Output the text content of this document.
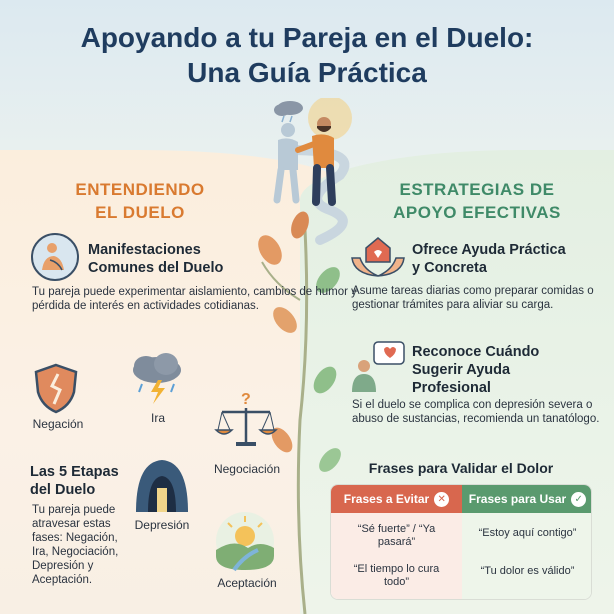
Apoyando a tu Pareja en el Duelo:
Una Guía Práctica
ENTENDIENDO
EL DUELO
Manifestaciones
Comunes del Duelo
Tu pareja puede experimentar aislamiento, cambios de humor y pérdida de interés en actividades cotidianas.
Negación	Ira
?
Negociación
Las 5 Etapas
del Duelo
Tu pareja puede atravesar estas fases: Negación, Ira, Negociación, Depresión y Aceptación.
Depresión
Aceptación
ESTRATEGIAS DE
APOYO EFECTIVAS
Ofrece Ayuda Práctica
y Concreta
Asume tareas diarias como preparar comidas o gestionar trámites para aliviar su carga.
Reconoce Cuándo
Sugerir Ayuda
Profesional
Si el duelo se complica con depresión severa o abuso de sustancias, recomienda un tanatólogo.
Frases para Validar el Dolor
Frases a Evitar ✕ Frases para Usar ✓
“Sé fuerte” / “Ya pasará”
“El tiempo lo cura todo”
“Estoy aquí contigo”
“Tu dolor es válido”
